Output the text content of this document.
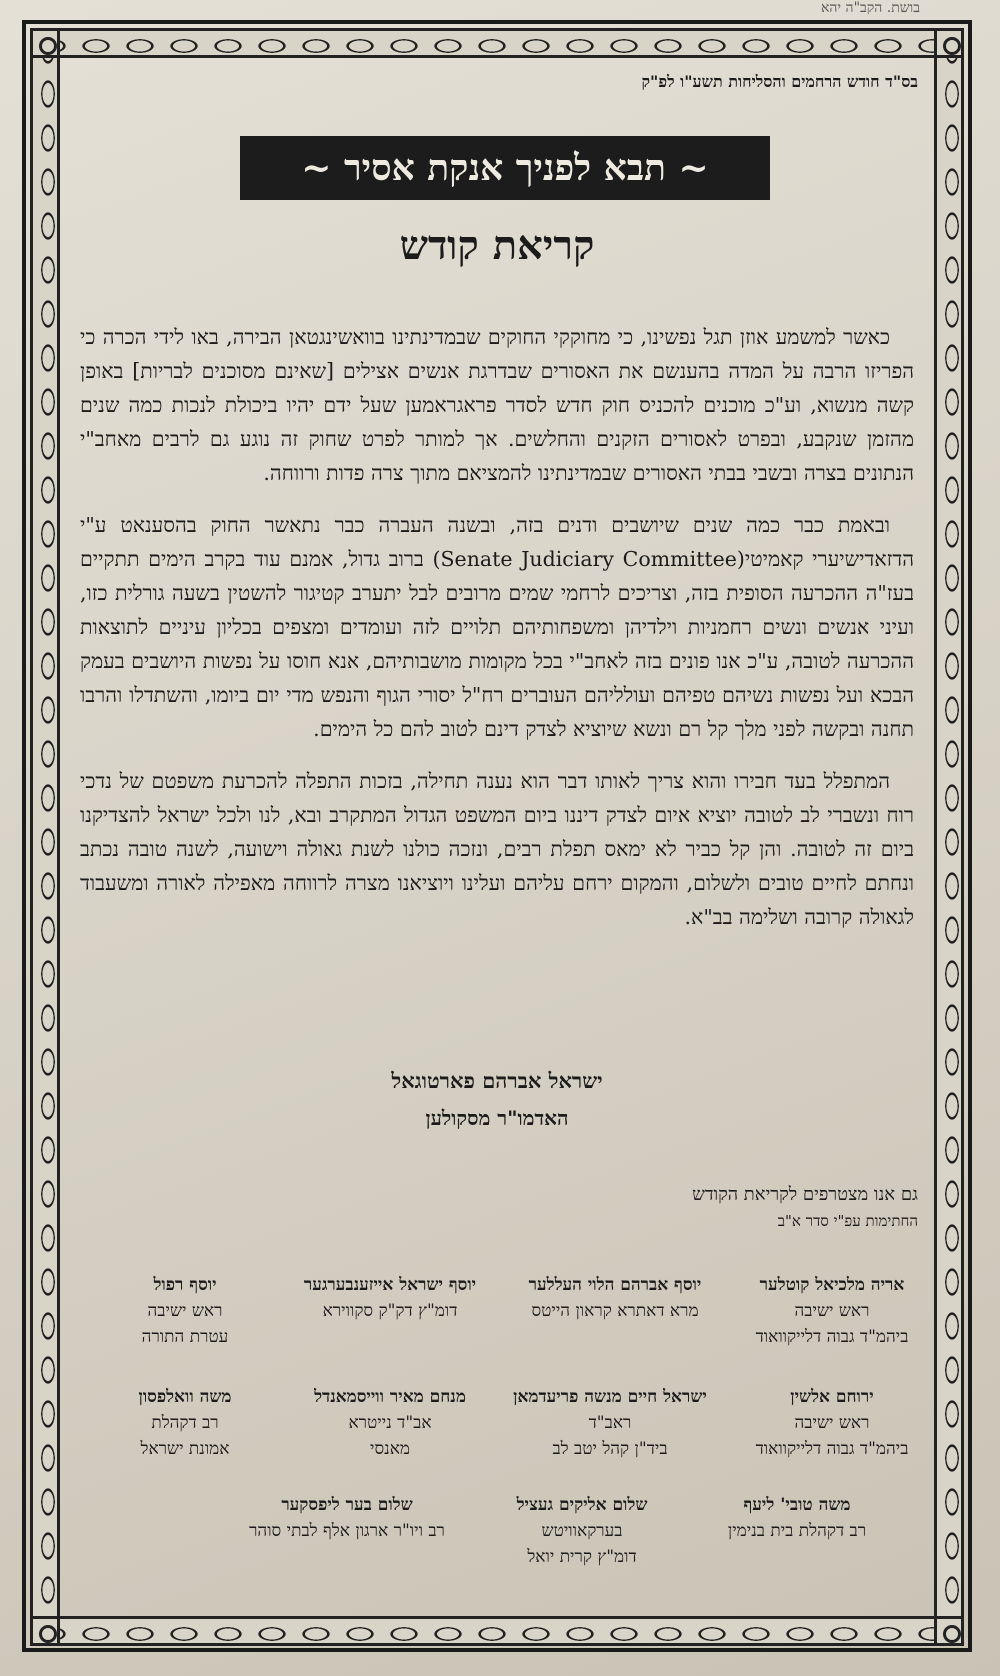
בושת. הקב"ה יהא
בס"ד חודש הרחמים והסליחות תשע"ו לפ"ק
~ תבא לפניך אנקת אסיר ~
קריאת קודש

כאשר למשמע אוזן תגל נפשינו, כי מחוקקי החוקים שבמדינתינו בוואשינגטאן הבירה, באו לידי הכרה כי הפריזו הרבה על המדה בהענשם את האסורים שבדרגת אנשים אצילים [שאינם מסוכנים לבריות] באופן קשה מנשוא, וע"כ מוכנים להכניס חוק חדש לסדר פראגראמען שעל ידם יהיו ביכולת לנכות כמה שנים מהזמן שנקבע, ובפרט לאסורים הזקנים והחלשים. אך למותר לפרט שחוק זה נוגע גם לרבים מאחב"י הנתונים בצרה ובשבי בבתי האסורים שבמדינתינו להמציאם מתוך צרה פדות ורווחה.

ובאמת כבר כמה שנים שיושבים ודנים בזה, ובשנה העברה כבר נתאשר החוק בהסענאט ע"י הדזאדישיערי קאמיטי(Senate Judiciary Committee) ברוב גדול, אמנם עוד בקרב הימים תתקיים בעז"ה ההכרעה הסופית בזה, וצריכים לרחמי שמים מרובים לבל יתערב קטיגור להשטין בשעה גורלית כזו, ועיני אנשים ונשים רחמניות וילדיהן ומשפחותיהם תלויים לזה ועומדים ומצפים בכליון עיניים לתוצאות ההכרעה לטובה, ע"כ אנו פונים בזה לאחב"י בכל מקומות מושבותיהם, אנא חוסו על נפשות היושבים בעמק הבכא ועל נפשות נשיהם טפיהם ועולליהם העוברים רח"ל יסורי הגוף והנפש מדי יום ביומו, והשתדלו והרבו תחנה ובקשה לפני מלך קל רם ונשא שיוציא לצדק דינם לטוב להם כל הימים.

המתפלל בעד חבירו והוא צריך לאותו דבר הוא נענה תחילה, בזכות התפלה להכרעת משפטם של נדכי רוח ונשברי לב לטובה יוציא איום לצדק דיננו ביום המשפט הגדול המתקרב ובא, לנו ולכל ישראל להצדיקנו ביום זה לטובה. והן קל כביר לא ימאס תפלת רבים, ונזכה כולנו לשנת גאולה וישועה, לשנה טובה נכתב ונחתם לחיים טובים ולשלום, והמקום ירחם עליהם ועלינו ויוציאנו מצרה לרווחה מאפילה לאורה ומשעבוד לגאולה קרובה ושלימה בב"א.

ישראל אברהם פארטוגאל
האדמו"ר מסקולען
גם אנו מצטרפים לקריאת הקודש
החתימות עפ"י סדר א"ב
אריה מלכיאל קוטלער
ראש ישיבה
ביהמ"ד גבוה דלייקוואוד
יוסף אברהם הלוי העללער
מרא דאתרא קראון הייטס
יוסף ישראל אייזענבערגער
דומ"ץ דק"ק סקווירא
יוסף רפול
ראש ישיבה
עטרת התורה
ירוחם אלשין
ראש ישיבה
ביהמ"ד גבוה דלייקוואוד
ישראל חיים מנשה פריעדמאן
ראב"ד
ביד"ן קהל יטב לב
מנחם מאיר ווייסמאנדל
אב"ד נייטרא
מאנסי
משה וואלפסון
רב דקהלת
אמונת ישראל
משה טובי' ליעף
רב דקהלת בית בנימין
שלום אליקים געציל
בערקאוויטש
דומ"ץ קרית יואל
שלום בער ליפסקער
רב ויו"ר ארגון אלף לבתי סוהר
